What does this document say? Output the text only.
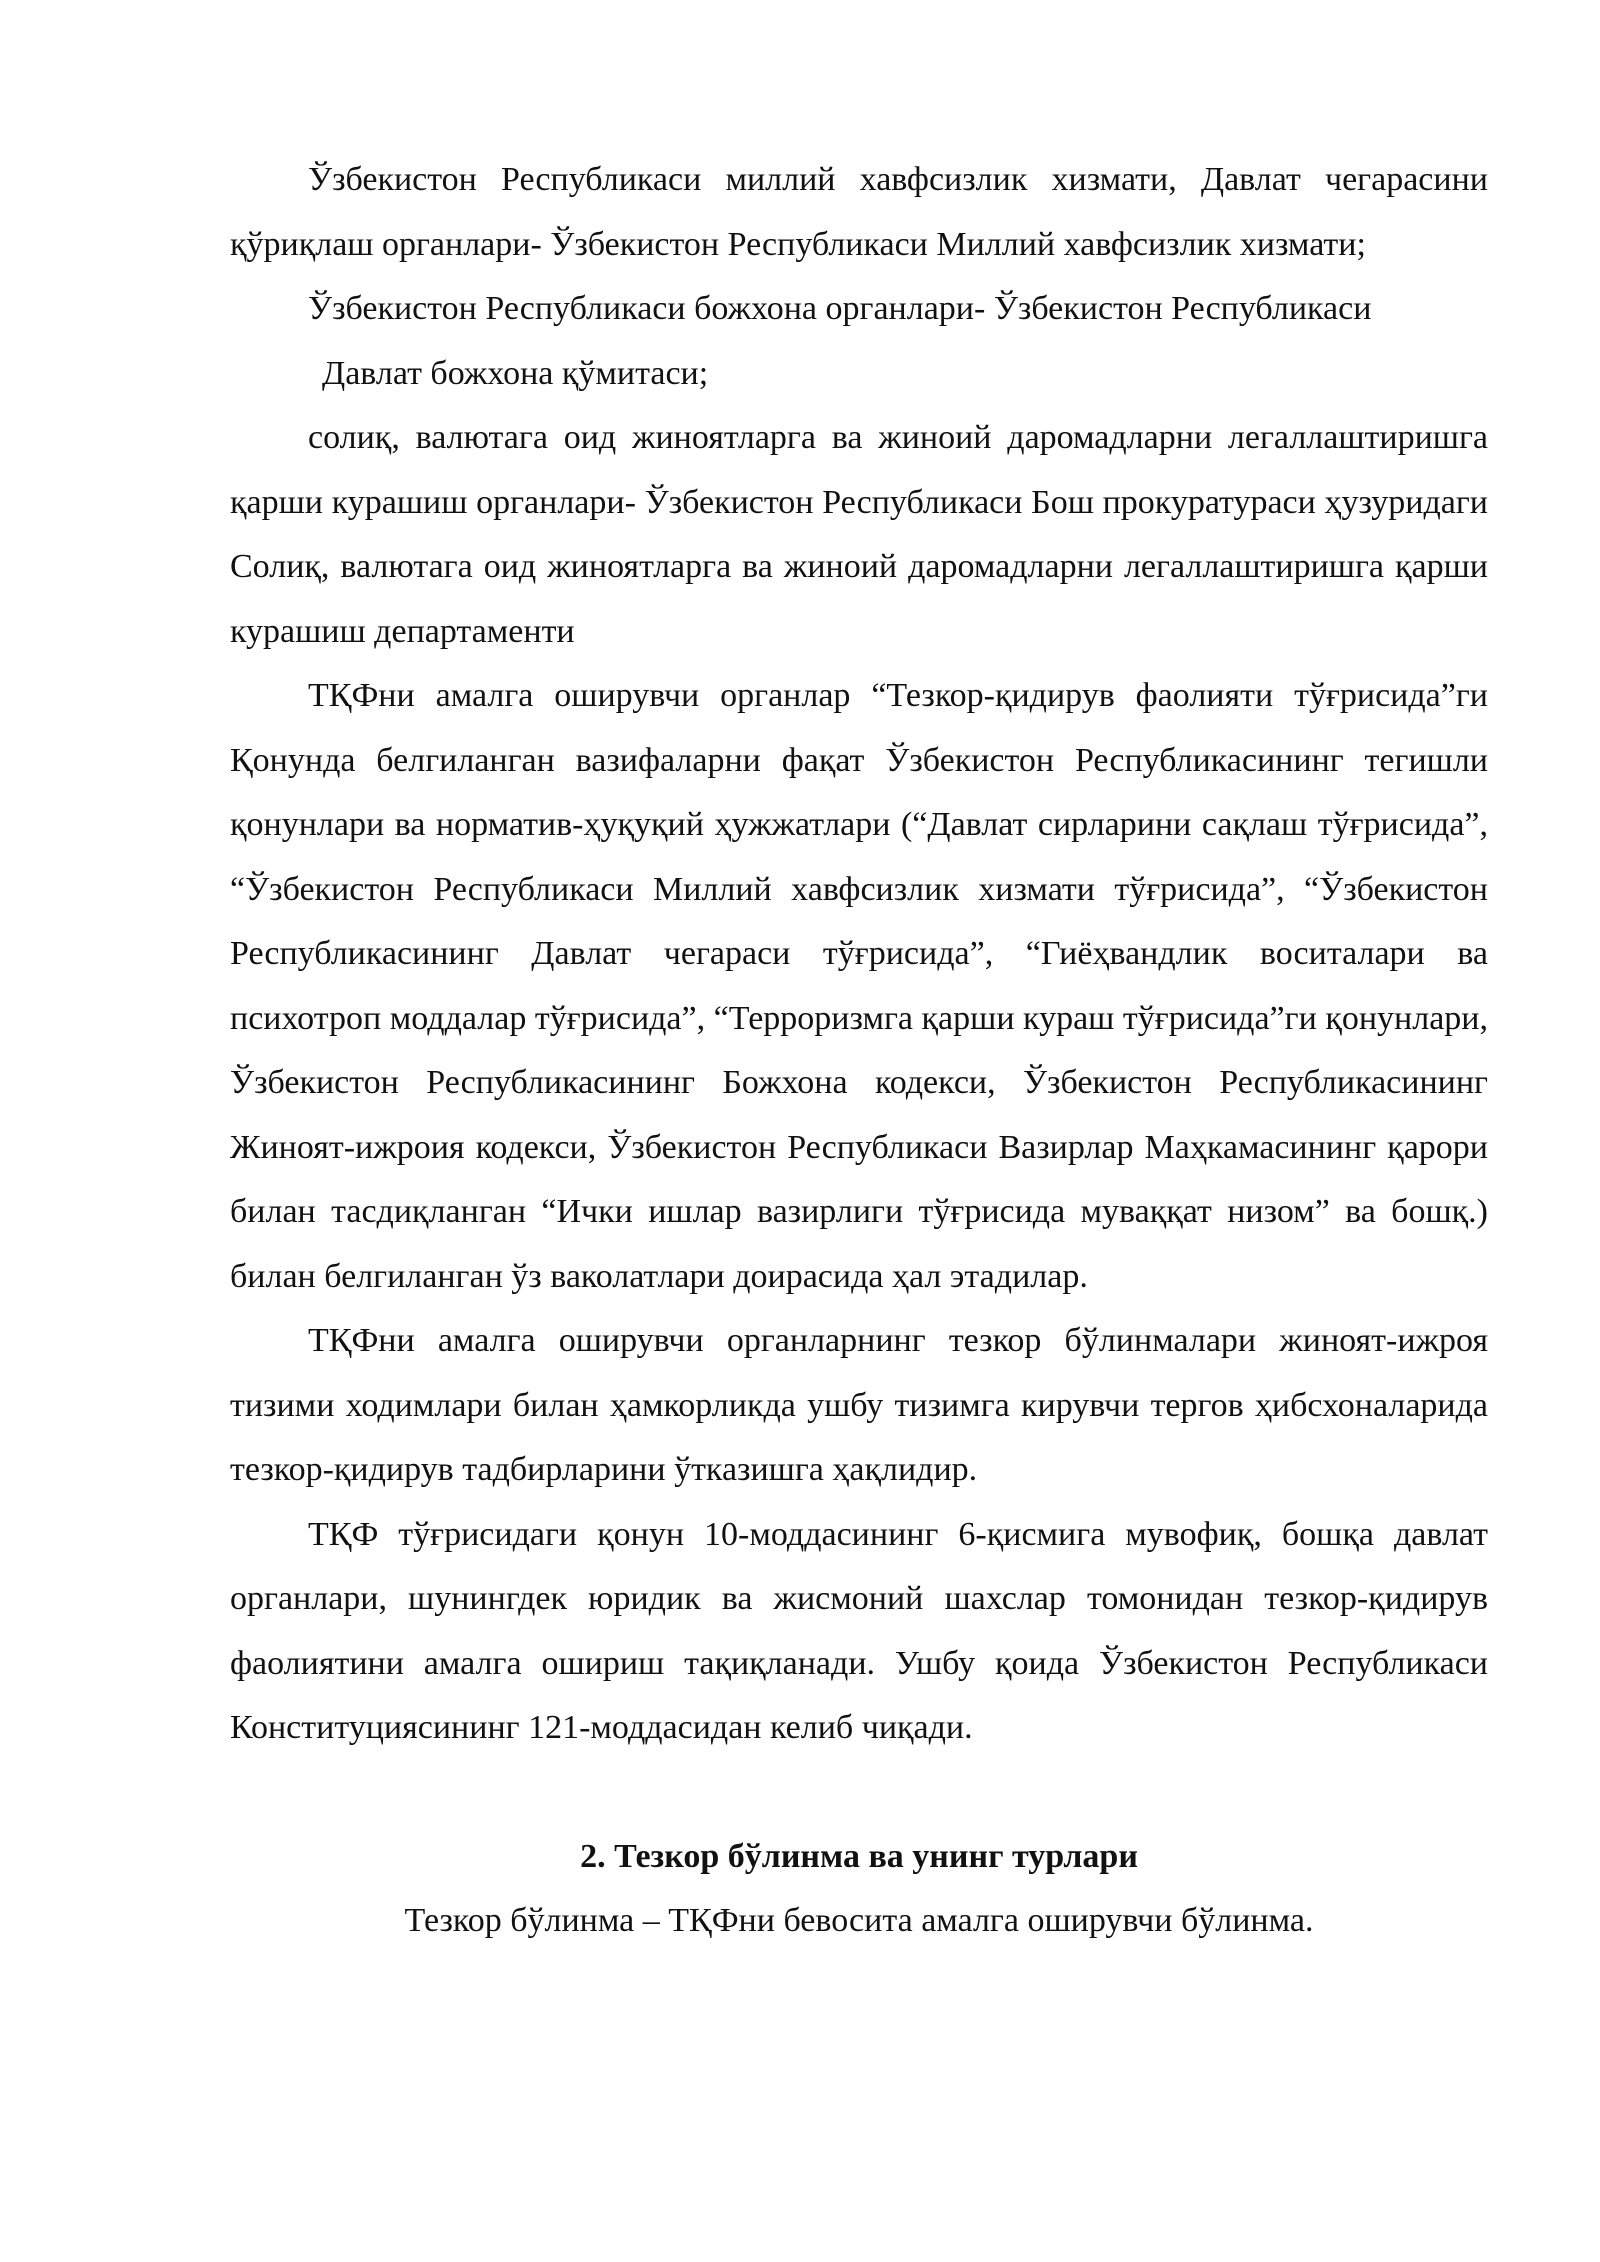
Ўзбекистон Республикаси миллий хавфсизлик хизмати, Давлат чегарасини қўриқлаш органлари- Ўзбекистон Республикаси Миллий хавфсизлик хизмати;

Ўзбекистон Республикаси божхона органлари- Ўзбекистон Республикаси

Давлат божхона қўмитаси;

солиқ, валютага оид жиноятларга ва жиноий даромадларни легаллаштиришга қарши курашиш органлари- Ўзбекистон Республикаси Бош прокуратураси ҳузуридаги Солиқ, валютага оид жиноятларга ва жиноий даромадларни легаллаштиришга қарши курашиш департаменти

ТҚФни амалга оширувчи органлар “Тезкор-қидирув фаолияти тўғрисида”ги Қонунда белгиланган вазифаларни фақат Ўзбекистон Республикасининг тегишли қонунлари ва норматив-ҳуқуқий ҳужжатлари (“Давлат сирларини сақлаш тўғрисида”, “Ўзбекистон Республикаси Миллий хавфсизлик хизмати тўғрисида”, “Ўзбекистон Республикасининг Давлат чегараси тўғрисида”, “Гиёҳвандлик воситалари ва психотроп моддалар тўғрисида”, “Терроризмга қарши кураш тўғрисида”ги қонунлари, Ўзбекистон Республикасининг Божхона кодекси, Ўзбекистон Республикасининг Жиноят-ижроия кодекси, Ўзбекистон Республикаси Вазирлар Маҳкамасининг қарори билан тасдиқланган “Ички ишлар вазирлиги тўғрисида муваққат низом” ва бошқ.) билан белгиланган ўз ваколатлари доирасида ҳал этадилар.

ТҚФни амалга оширувчи органларнинг тезкор бўлинмалари жиноят-ижроя тизими ходимлари билан ҳамкорликда ушбу тизимга кирувчи тергов ҳибсхоналарида тезкор-қидирув тадбирларини ўтказишга ҳақлидир.

ТҚФ тўғрисидаги қонун 10-моддасининг 6-қисмига мувофиқ, бошқа давлат органлари, шунингдек юридик ва жисмоний шахслар томонидан тезкор-қидирув фаолиятини амалга ошириш тақиқланади. Ушбу қоида Ўзбекистон Республикаси Конституциясининг 121-моддасидан келиб чиқади.

2. Тезкор бўлинма ва унинг турлари

Тезкор бўлинма – ТҚФни бевосита амалга оширувчи бўлинма.
